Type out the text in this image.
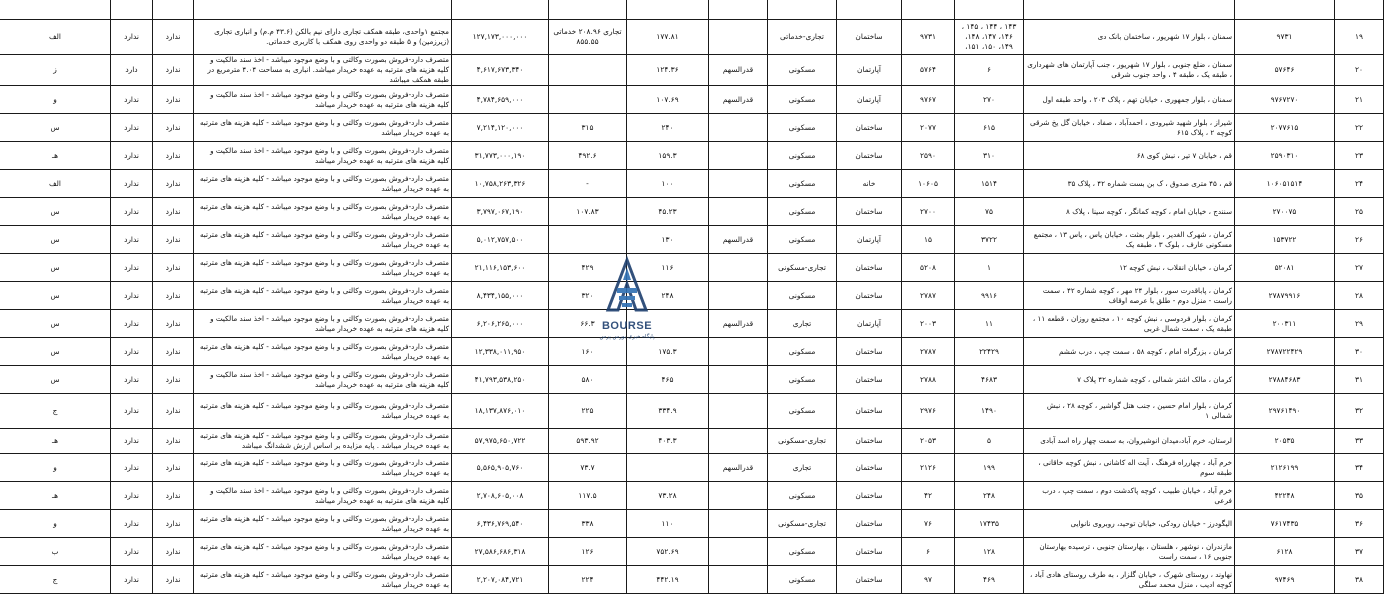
۱۹	۹۷۳۱	سمنان ، بلوار ۱۷ شهریور ، ساختمان بانک دی	۱۴۳ ، ۱۴۴ ، ۱۴۵ ، ۱۴۶، ۱۴۷، ۱۴۸، ۱۴۹، ۱۵۰، ۱۵۱،	۹۷۳۱	ساختمان	تجاری-خدماتی		۱۷۷.۸۱	تجاری ۲۰۸.۹۶ خدماتی ۸۵۵.۵۵	۱۲۷,۱۷۳,۰۰۰,۰۰۰	مجتمع ۱واحدی، طبقه همکف تجاری دارای نیم بالکن (۴۳.۶ م.م) و انباری تجاری (زیرزمین) و ۵ طبقه دو واحدی روی همکف با کاربری خدماتی.	ندارد	ندارد	الف
۲۰	۵۷۶۴۶	سمنان ، ضلع جنوبی ، بلوار ۱۷ شهریور ، جنب آپارتمان های شهرداری ، طبقه یک ، طبقه ۴ ، واحد جنوب شرقی	۶	۵۷۶۴	آپارتمان	مسکونی	قدرالسهم	۱۲۴.۳۶		۴,۶۱۷,۶۷۳,۳۴۰	متصرف دارد-فروش بصورت وکالتی و با وضع موجود میباشد - اخذ سند مالکیت و کلیه هزینه های مترتبه به عهده خریدار میباشد. انباری به مساحت ۴.۰۴ مترمربع در طبقه همکف میباشد	ندارد	دارد	ز
۲۱	۹۷۶۷۲۷۰	سمنان ، بلوار جمهوری ، خیابان تهم ، پلاک ۲۰۳ ، واحد طبقه اول	۲۷۰	۹۷۶۷	آپارتمان	مسکونی	قدرالسهم	۱۰۷.۶۹		۴,۷۸۴,۶۵۹,۰۰۰	متصرف دارد-فروش بصورت وکالتی و با وضع موجود میباشد - اخذ سند مالکیت و کلیه هزینه های مترتبه به عهده خریدار میباشد	ندارد	ندارد	و
۲۲	۲۰۷۷۶۱۵	شیراز ، بلوار شهید شیرودی ، احمدآباد ، صفاد ، خیابان گل یخ شرقی کوچه ۲ ، پلاک ۶۱۵	۶۱۵	۲۰۷۷	ساختمان	مسکونی		۲۴۰	۳۱۵	۷,۲۱۴,۱۲۰,۰۰۰	متصرف دارد-فروش بصورت وکالتی و با وضع موجود میباشد - کلیه هزینه های مترتبه به عهده خریدار میباشد	ندارد	ندارد	س
۲۳	۲۵۹۰۳۱۰	قم ، خیابان ۷ تیر ، نبش کوی ۶۸	۳۱۰	۲۵۹۰	ساختمان	مسکونی		۱۵۹.۳	۴۹۲.۶	۳۱,۷۷۳,۰۰۰,۱۹۰	متصرف دارد-فروش بصورت وکالتی و با وضع موجود میباشد - اخذ سند مالکیت و کلیه هزینه های مترتبه به عهده خریدار میباشد	ندارد	ندارد	هـ
۲۴	۱۰۶۰۵۱۵۱۴	قم ، ۴۵ متری صدوق ، ک بن بست شماره ۴۲ ، پلاک ۳۵	۱۵۱۴	۱۰۶۰۵	خانه	مسکونی		۱۰۰	-	۱۰,۷۵۸,۲۶۳,۳۲۶	متصرف دارد-فروش بصورت وکالتی و با وضع موجود میباشد - کلیه هزینه های مترتبه به عهده خریدار میباشد	ندارد	ندارد	الف
۲۵	۲۷۰۰۷۵	سنندج ، خیابان امام ، کوچه کمانگر ، کوچه سینا ، پلاک ۸	۷۵	۲۷۰۰	ساختمان	مسکونی		۴۵.۲۳	۱۰۷.۸۳	۳,۷۹۷,۰۶۷,۱۹۰	متصرف دارد-فروش بصورت وکالتی و با وضع موجود میباشد - کلیه هزینه های مترتبه به عهده خریدار میباشد	ندارد	ندارد	س
۲۶	۱۵۳۷۲۲	کرمان ، شهرک الغدیر ، بلوار بعثت ، خیابان یاس ، یاس ۱۳ ، مجتمع مسکونی عارف ، بلوک ۳ ، طبقه یک	۳۷۲۲	۱۵	آپارتمان	مسکونی	قدرالسهم	۱۳۰		۵,۰۱۲,۷۵۷,۵۰۰	متصرف دارد-فروش بصورت وکالتی و با وضع موجود میباشد - کلیه هزینه های مترتبه به عهده خریدار میباشد	ندارد	ندارد	س
۲۷	۵۲۰۸۱	کرمان ، خیابان انقلاب ، نبش کوچه ۱۲	۱	۵۲۰۸	ساختمان	تجاری-مسکونی		۱۱۶	۴۲۹	۲۱,۱۱۶,۱۵۳,۶۰۰	متصرف دارد-فروش بصورت وکالتی و با وضع موجود میباشد - کلیه هزینه های مترتبه به عهده خریدار میباشد	ندارد	ندارد	س
۲۸	۲۷۸۷۹۹۱۶	کرمان ، پاباقدرت سور ، بلوار ۲۴ مهر ، کوچه شماره ۴۲ ، سمت راست - منزل دوم - طلق با عرصه اوقاف	۹۹۱۶	۲۷۸۷	ساختمان	مسکونی		۲۴۸	۳۲۰	۸,۴۳۴,۱۵۵,۰۰۰	متصرف دارد-فروش بصورت وکالتی و با وضع موجود میباشد - کلیه هزینه های مترتبه به عهده خریدار میباشد	ندارد	ندارد	س
۲۹	۲۰۰۳۱۱	کرمان ، بلوار فردوسی ، نبش کوچه ۱۰ ، مجتمع روزان ، قطعه ۱۱ ، طبقه یک ، سمت شمال غربی	۱۱	۲۰۰۳	آپارتمان	تجاری	قدرالسهم		۶۶.۳	۶,۲۰۶,۲۶۵,۰۰۰	متصرف دارد-فروش بصورت وکالتی و با وضع موجود میباشد - اخذ سند مالکیت و کلیه هزینه های مترتبه به عهده خریدار میباشد	ندارد	ندارد	س
۳۰	۲۷۸۷۲۲۴۲۹	کرمان ، بزرگراه امام ، کوچه ۵۸ ، سمت چپ ، درب ششم	۲۲۴۲۹	۲۷۸۷	ساختمان	مسکونی		۱۷۵.۳	۱۶۰	۱۲,۳۳۸,۰۱۱,۹۵۰	متصرف دارد-فروش بصورت وکالتی و با وضع موجود میباشد - کلیه هزینه های مترتبه به عهده خریدار میباشد	ندارد	ندارد	س
۳۱	۲۷۸۸۴۶۸۳	کرمان ، مالک اشتر شمالی ، کوچه شماره ۴۲ پلاک ۷	۴۶۸۳	۲۷۸۸	ساختمان	مسکونی		۴۶۵	۵۸۰	۴۱,۷۹۳,۵۳۸,۲۵۰	متصرف دارد-فروش بصورت وکالتی و با وضع موجود میباشد - اخذ سند مالکیت و کلیه هزینه های مترتبه به عهده خریدار میباشد	ندارد	ندارد	س
۳۲	۲۹۷۶۱۴۹۰	کرمان ، بلوار امام حسین ، جنب هتل گواشیر ، کوچه ۲۸ ، نبش شمالی ۱	۱۴۹۰	۲۹۷۶	ساختمان	مسکونی		۳۳۴.۹	۲۲۵	۱۸,۱۳۷,۸۷۶,۰۱۰	متصرف دارد-فروش بصورت وکالتی و با وضع موجود میباشد - کلیه هزینه های مترتبه به عهده خریدار میباشد	ندارد	ندارد	ج
۳۳	۲۰۵۳۵	لرستان، خرم آباد،میدان انوشیروان، به سمت چهار راه اسد آبادی	۵	۲۰۵۳	ساختمان	تجاری-مسکونی		۴۰۳.۳	۵۹۳.۹۲	۵۷,۹۷۵,۶۵۰,۷۲۲	متصرف دارد-فروش بصورت وکالتی و با وضع موجود میباشد - کلیه هزینه های مترتبه به عهده خریدار میباشد . پایه مزایده بر اساس ارزش ششدانگ میباشد	ندارد	ندارد	هـ
۳۴	۲۱۲۶۱۹۹	خرم آباد ، چهارراه فرهنگ ، آیت اله کاشانی ، نبش کوچه خاقانی ، طبقه سوم	۱۹۹	۲۱۲۶	ساختمان	تجاری	قدرالسهم		۷۳.۷	۵,۵۶۵,۹۰۵,۷۶۰	متصرف دارد-فروش بصورت وکالتی و با وضع موجود میباشد - کلیه هزینه های مترتبه به عهده خریدار میباشد	ندارد	ندارد	و
۳۵	۴۲۲۴۸	خرم آباد ، خیابان طبیب ، کوچه پاکدشت دوم ، سمت چپ ، درب فرعی	۲۴۸	۴۲	ساختمان	مسکونی		۷۳.۲۸	۱۱۷.۵	۲,۷۰۸,۶۰۵,۰۰۸	متصرف دارد-فروش بصورت وکالتی و با وضع موجود میباشد - اخذ سند مالکیت و کلیه هزینه های مترتبه به عهده خریدار میباشد	ندارد	ندارد	هـ
۳۶	۷۶۱۷۴۳۵	الیگودرز - خیابان رودکی، خیابان توحید، روبروی نانوایی	۱۷۴۳۵	۷۶	ساختمان	تجاری-مسکونی		۱۱۰	۳۳۸	۶,۴۳۶,۷۶۹,۵۴۰	متصرف دارد-فروش بصورت وکالتی و با وضع موجود میباشد - کلیه هزینه های مترتبه به عهده خریدار میباشد	ندارد	ندارد	و
۳۷	۶۱۲۸	مازندران ، نوشهر ، هلستان ، بهارستان جنوبی ، ترسیده بهارستان جنوبی ۱۶ ، سمت راست	۱۲۸	۶	ساختمان	مسکونی		۷۵۲.۶۹	۱۲۶	۲۷,۵۸۶,۶۸۶,۳۱۸	متصرف دارد-فروش بصورت وکالتی و با وضع موجود میباشد - کلیه هزینه های مترتبه به عهده خریدار میباشد	ندارد	ندارد	ب
۳۸	۹۷۴۶۹	نهاوند ، روستای شهرک ، خیابان گلزار ، به طرف روستای هادی آباد ، کوچه ادیب ، منزل محمد سلگی	۴۶۹	۹۷	ساختمان	مسکونی		۴۴۲.۱۹	۲۲۴	۲,۲۰۷,۰۸۴,۷۲۱	متصرف دارد-فروش بصورت وکالتی و با وضع موجود میباشد - کلیه هزینه های مترتبه به عهده خریدار میباشد	ندارد	ندارد	ج
BOURSE
پایگاه خبری بورس پرس
